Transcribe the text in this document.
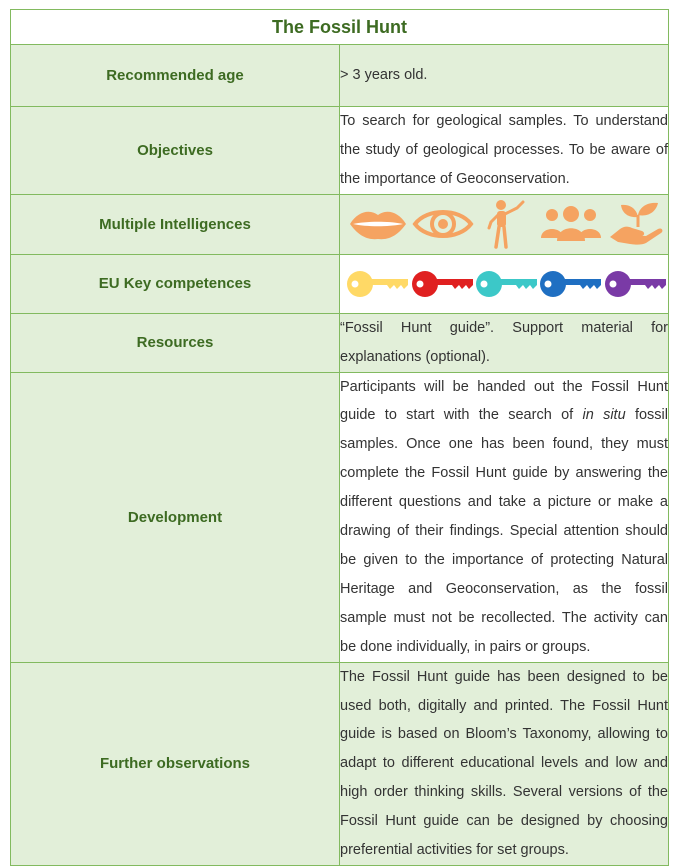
The Fossil Hunt	
Recommended age	> 3 years old.
Objectives	To search for geological samples. To understand the study of geological processes. To be aware of the importance of Geoconservation.
Multiple Intelligences	

EU Key competences	

Resources	“Fossil Hunt guide”. Support material for explanations (optional).
Development	Participants will be handed out the Fossil Hunt guide to start with the search of in situ fossil samples. Once one has been found, they must complete the Fossil Hunt guide by answering the different questions and take a picture or make a drawing of their findings. Special attention should be given to the importance of protecting Natural Heritage and Geoconservation, as the fossil sample must not be recollected. The activity can be done individually, in pairs or groups.
Further observations	The Fossil Hunt guide has been designed to be used both, digitally and printed. The Fossil Hunt guide is based on Bloom’s Taxonomy, allowing to adapt to different educational levels and low and high order thinking skills. Several versions of the Fossil Hunt guide can be designed by choosing preferential activities for set groups.
